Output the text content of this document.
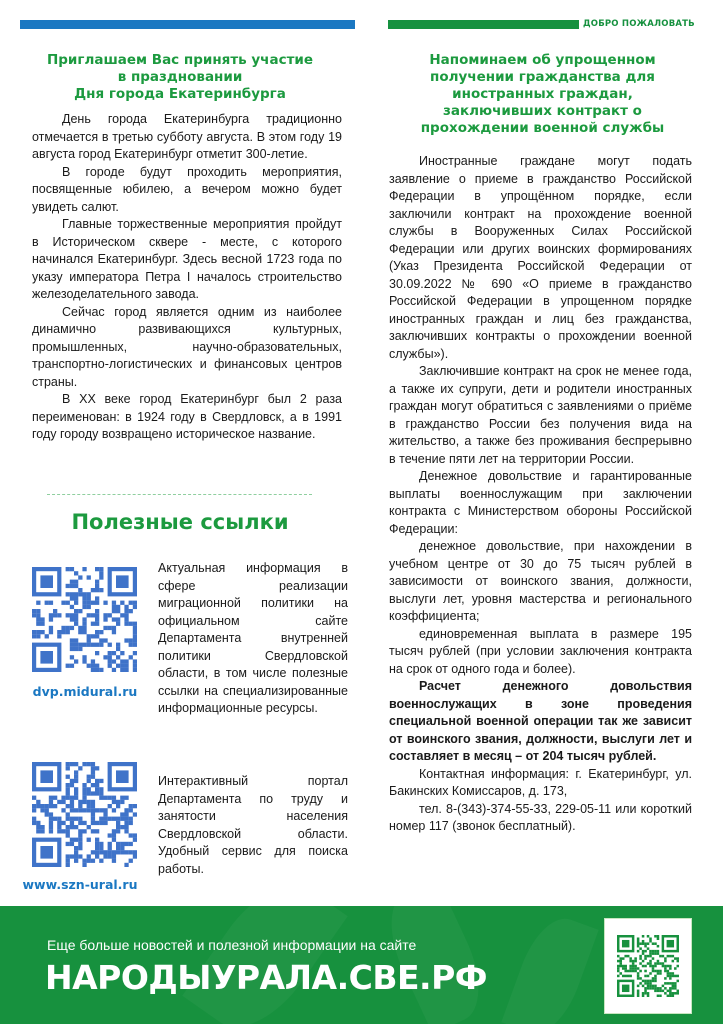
ДОБРО ПОЖАЛОВАТЬ
Приглашаем Вас принять участие
в праздновании
Дня города Екатеринбурга

День города Екатеринбурга традиционно отмечается в третью субботу августа. В этом году 19 августа город Екатеринбург отметит 300-летие.

В городе будут проходить мероприятия, посвященные юбилею, а вечером можно будет увидеть салют.

Главные торжественные мероприятия пройдут в Историческом сквере - месте, с которого начинался Екатеринбург. Здесь весной 1723 года по указу императора Петра I началось строительство железоделательного завода.

Сейчас город является одним из наиболее динамично развивающихся культурных, промышленных, научно-образовательных, транспортно-логистических и финансовых центров страны.

В XX веке город Екатеринбург был 2 раза переименован: в 1924 году в Свердловск, а в 1991 году городу возвращено историческое название.

Полезные ссылки
dvp.midural.ru
Актуальная информация в сфере реализации миграционной политики на официальном сайте Департамента внутренней политики Свердловской области, в том числе полезные ссылки на специализированные информационные ресурсы.
www.szn-ural.ru
Интерактивный портал Департамента по труду и занятости населения Свердловской области. Удобный сервис для поиска работы.
Напоминаем об упрощенном
получении гражданства для
иностранных граждан,
заключивших контракт о
прохождении военной службы

Иностранные граждане могут подать заявление о приеме в гражданство Российской Федерации в упрощённом порядке, если заключили контракт на прохождение военной службы в Вооруженных Силах Российской Федерации или других воинских формированиях (Указ Президента Российской Федерации от 30.09.2022 № 690 «О приеме в гражданство Российской Федерации в упрощенном порядке иностранных граждан и лиц без гражданства, заключивших контракты о прохождении военной службы»).

Заключившие контракт на срок не менее года, а также их супруги, дети и родители иностранных граждан могут обратиться с заявлениями о приёме в гражданство России без получения вида на жительство, а также без проживания беспрерывно в течение пяти лет на территории России.

Денежное довольствие и гарантированные выплаты военнослужащим при заключении контракта с Министерством обороны Российской Федерации:

денежное довольствие, при нахождении в учебном центре от 30 до 75 тысяч рублей в зависимости от воинского звания, должности, выслуги лет, уровня мастерства и регионального коэффициента;

единовременная выплата в размере 195 тысяч рублей (при условии заключения контракта на срок от одного года и более).

Расчет денежного довольствия военнослужащих в зоне проведения специальной военной операции так же зависит от воинского звания, должности, выслуги лет и составляет в месяц – от 204 тысяч рублей.

Контактная информация: г. Екатеринбург, ул. Бакинских Комиссаров, д. 173,

тел. 8-(343)-374-55-33, 229-05-11 или короткий номер 117 (звонок бесплатный).

Еще больше новостей и полезной информации на сайте
НАРОДЫУРАЛА.СВЕ.РФ
